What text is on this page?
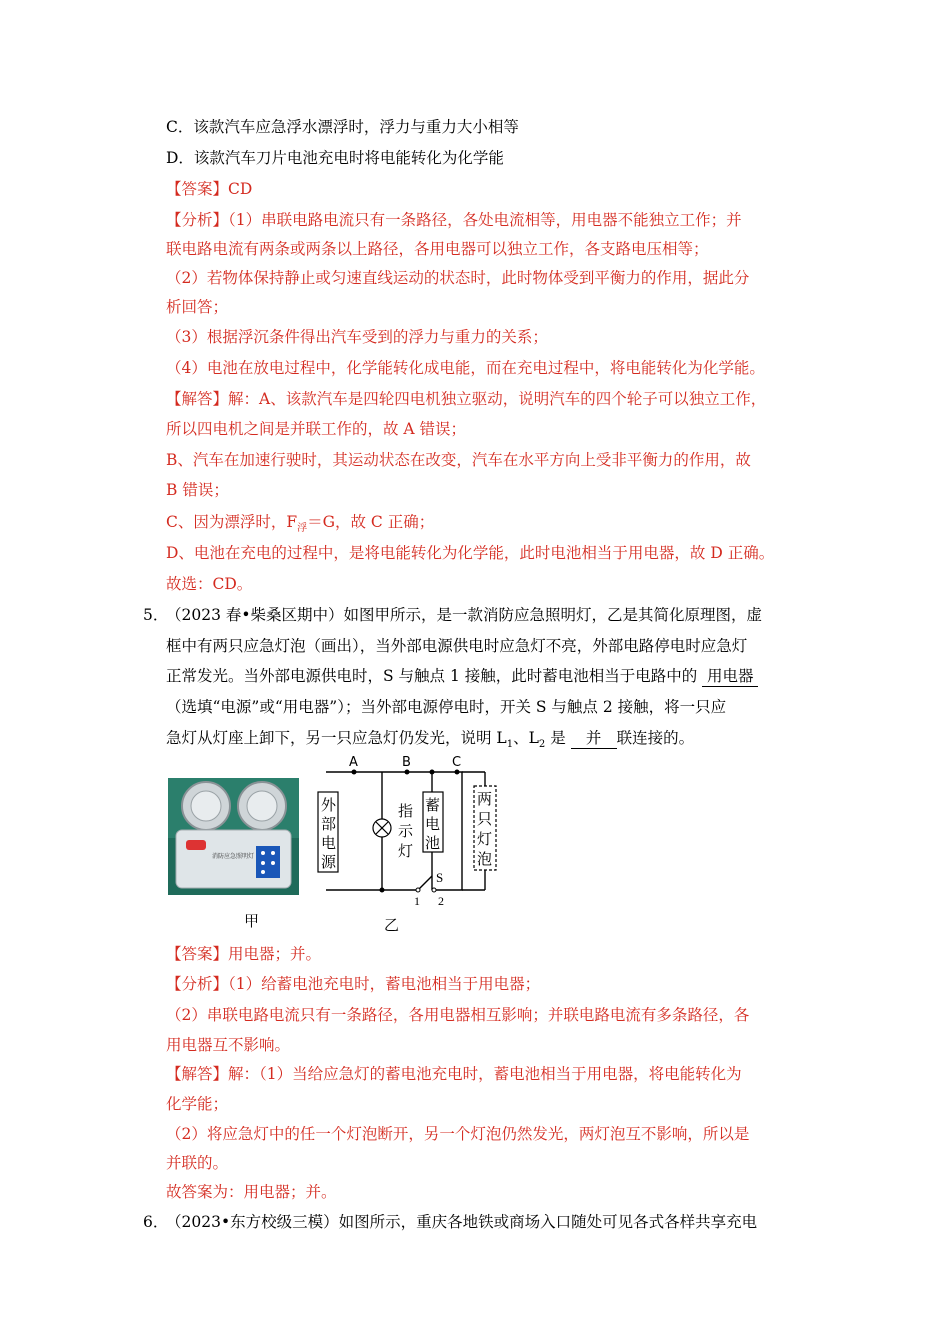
C．该款汽车应急浮水漂浮时，浮力与重力大小相等
D．该款汽车刀片电池充电时将电能转化为化学能
【答案】CD
【分析】（1）串联电路电流只有一条路径，各处电流相等，用电器不能独立工作；并
联电路电流有两条或两条以上路径，各用电器可以独立工作，各支路电压相等；
（2）若物体保持静止或匀速直线运动的状态时，此时物体受到平衡力的作用，据此分
析回答；
（3）根据浮沉条件得出汽车受到的浮力与重力的关系；
（4）电池在放电过程中，化学能转化成电能，而在充电过程中，将电能转化为化学能。
【解答】解：A、该款汽车是四轮四电机独立驱动，说明汽车的四个轮子可以独立工作，
所以四电机之间是并联工作的，故 A 错误；
B、汽车在加速行驶时，其运动状态在改变，汽车在水平方向上受非平衡力的作用，故
B 错误；
C、因为漂浮时，$F_浮=G$，故 C 正确；
D、电池在充电的过程中，是将电能转化为化学能，此时电池相当于用电器，故 D 正确。
故选：CD。
5．
（2023 春•柴桑区期中）如图甲所示，是一款消防应急照明灯，乙是其简化原理图，虚
框中有两只应急灯泡（画出），当外部电源供电时应急灯不亮，外部电路停电时应急灯
正常发光。当外部电源供电时，S 与触点 1 接触，此时蓄电池相当于电路中的 用电器
（选填“电源”或“用电器”）；当外部电源停电时，开关 S 与触点 2 接触，将一只应
急灯从灯座上卸下，另一只应急灯仍发光，说明 $L_1$、$L_2$ 是 并 联连接的。
消防应急照明灯
甲
A	B	C
外
部
电
源
指
示
灯
蓄
电
池
两
只
灯
泡
S
1 2
乙
【答案】用电器；并。
【分析】（1）给蓄电池充电时，蓄电池相当于用电器；
（2）串联电路电流只有一条路径，各用电器相互影响；并联电路电流有多条路径，各
用电器互不影响。
【解答】解：（1）当给应急灯的蓄电池充电时，蓄电池相当于用电器，将电能转化为
化学能；
（2）将应急灯中的任一个灯泡断开，另一个灯泡仍然发光，两灯泡互不影响，所以是
并联的。
故答案为：用电器；并。
6．
（2023•东方校级三模）如图所示，重庆各地铁或商场入口随处可见各式各样共享充电
